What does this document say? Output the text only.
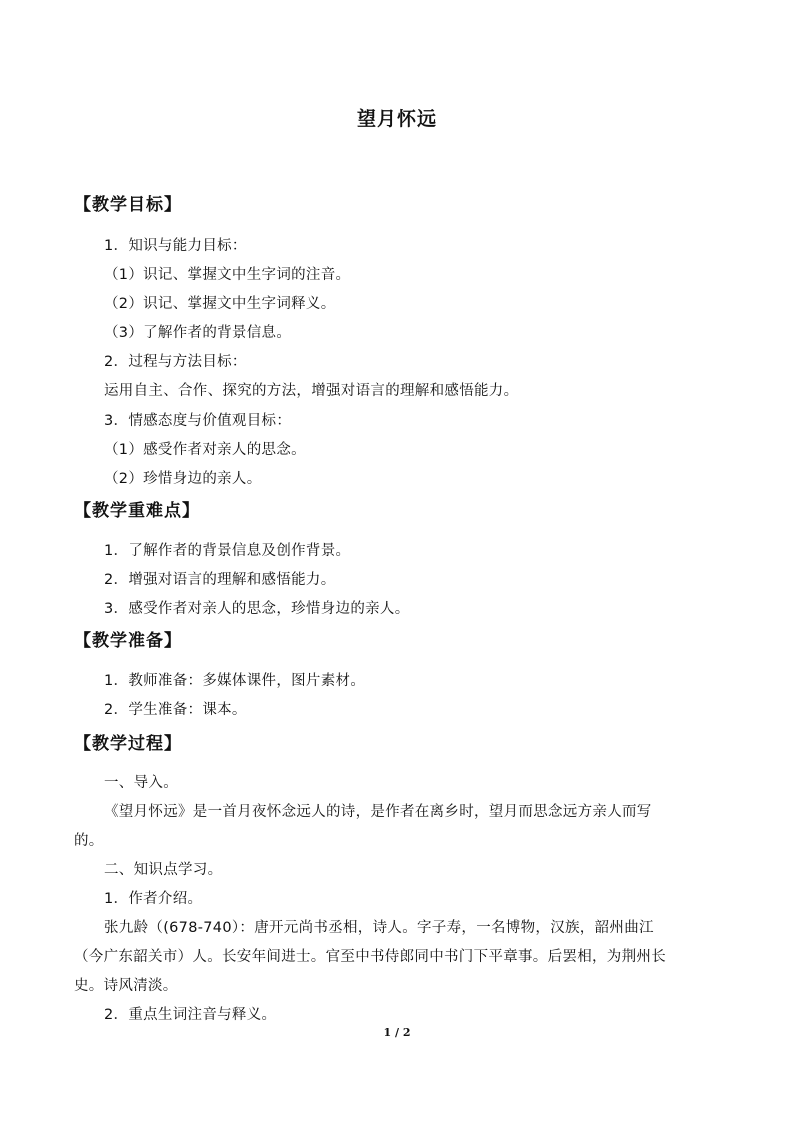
望月怀远
【教学目标】
1．知识与能力目标：
（1）识记、掌握文中生字词的注音。
（2）识记、掌握文中生字词释义。
（3）了解作者的背景信息。
2．过程与方法目标：
运用自主、合作、探究的方法，增强对语言的理解和感悟能力。
3．情感态度与价值观目标：
（1）感受作者对亲人的思念。
（2）珍惜身边的亲人。
【教学重难点】
1．了解作者的背景信息及创作背景。
2．增强对语言的理解和感悟能力。
3．感受作者对亲人的思念，珍惜身边的亲人。
【教学准备】
1．教师准备：多媒体课件，图片素材。
2．学生准备：课本。
【教学过程】
一、导入。
《望月怀远》是一首月夜怀念远人的诗，是作者在离乡时，望月而思念远方亲人而写
的。
二、知识点学习。
1．作者介绍。
张九龄（(678-740）：唐开元尚书丞相，诗人。字子寿，一名博物，汉族，韶州曲江
（今广东韶关市）人。长安年间进士。官至中书侍郎同中书门下平章事。后罢相，为荆州长
史。诗风清淡。
2．重点生词注音与释义。
1 / 2
